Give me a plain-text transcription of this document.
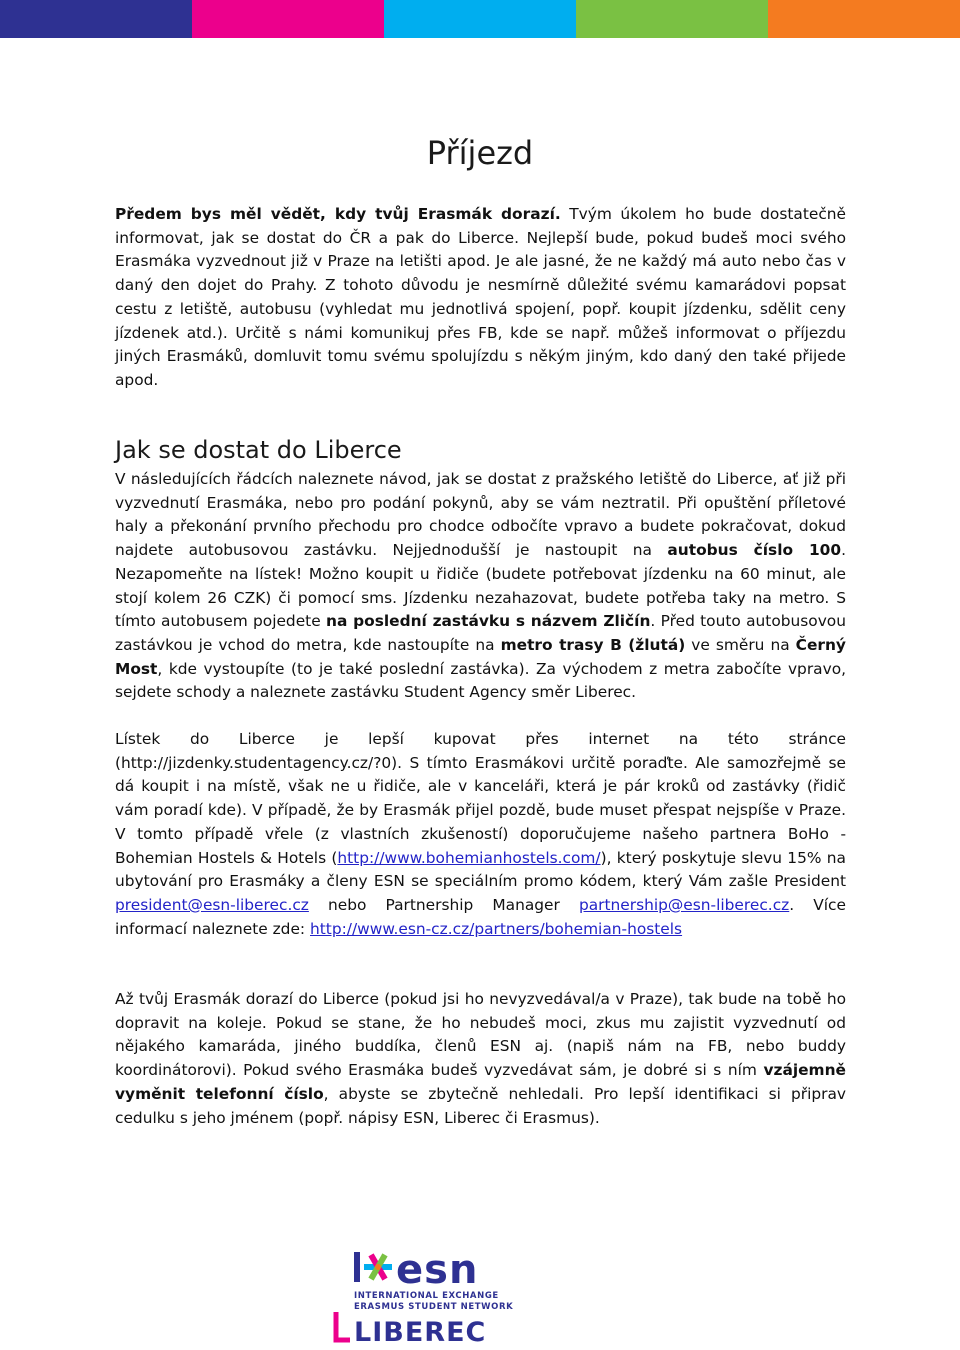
Příjezd

Předem bys měl vědět, kdy tvůj Erasmák dorazí. Tvým úkolem ho bude dostatečně informovat, jak se dostat do ČR a pak do Liberce. Nejlepší bude, pokud budeš moci svého Erasmáka vyzvednout již v Praze na letišti apod. Je ale jasné, že ne každý má auto nebo čas v daný den dojet do Prahy. Z tohoto důvodu je nesmírně důležité svému kamarádovi popsat cestu z letiště, autobusu (vyhledat mu jednotlivá spojení, popř. koupit jízdenku, sdělit ceny jízdenek atd.). Určitě s námi komunikuj přes FB, kde se např. můžeš informovat o příjezdu jiných Erasmáků, domluvit tomu svému spolujízdu s někým jiným, kdo daný den také přijede apod.

Jak se dostat do Liberce

V následujících řádcích naleznete návod, jak se dostat z pražského letiště do Liberce, ať již při vyzvednutí Erasmáka, nebo pro podání pokynů, aby se vám neztratil. Při opuštění příletové haly a překonání prvního přechodu pro chodce odbočíte vpravo a budete pokračovat, dokud najdete autobusovou zastávku. Nejjednodušší je nastoupit na autobus číslo 100. Nezapomeňte na lístek! Možno koupit u řidiče (budete potřebovat jízdenku na 60 minut, ale stojí kolem 26 CZK) či pomocí sms. Jízdenku nezahazovat, budete potřeba taky na metro. S tímto autobusem pojedete na poslední zastávku s názvem Zličín. Před touto autobusovou zastávkou je vchod do metra, kde nastoupíte na metro trasy B (žlutá) ve směru na Černý Most, kde vystoupíte (to je také poslední zastávka). Za východem z metra zabočíte vpravo, sejdete schody a naleznete zastávku Student Agency směr Liberec.

Lístek do Liberce je lepší kupovat přes internet na této stránce (http://jizdenky.studentagency.cz/?0). S tímto Erasmákovi určitě poraďte. Ale samozřejmě se dá koupit i na místě, však ne u řidiče, ale v kanceláři, která je pár kroků od zastávky (řidič vám poradí kde). V případě, že by Erasmák přijel pozdě, bude muset přespat nejspíše v Praze. V tomto případě vřele (z vlastních zkušeností) doporučujeme našeho partnera BoHo - Bohemian Hostels & Hotels (http://www.bohemianhostels.com/), který poskytuje slevu 15% na ubytování pro Erasmáky a členy ESN se speciálním promo kódem, který Vám zašle President president@esn-liberec.cz nebo Partnership Manager partnership@esn-liberec.cz. Více informací naleznete zde: http://www.esn-cz.cz/partners/bohemian-hostels

Až tvůj Erasmák dorazí do Liberce (pokud jsi ho nevyzvedával/a v Praze), tak bude na tobě ho dopravit na koleje. Pokud se stane, že ho nebudeš moci, zkus mu zajistit vyzvednutí od nějakého kamaráda, jiného buddíka, členů ESN aj. (napiš nám na FB, nebo buddy koordinátorovi). Pokud svého Erasmáka budeš vyzvedávat sám, je dobré si s ním vzájemně vyměnit telefonní číslo, abyste se zbytečně nehledali. Pro lepší identifikaci si připrav cedulku s jeho jménem (popř. nápisy ESN, Liberec či Erasmus).

esn
INTERNATIONAL EXCHANGE
ERASMUS STUDENT NETWORK
LIBEREC
